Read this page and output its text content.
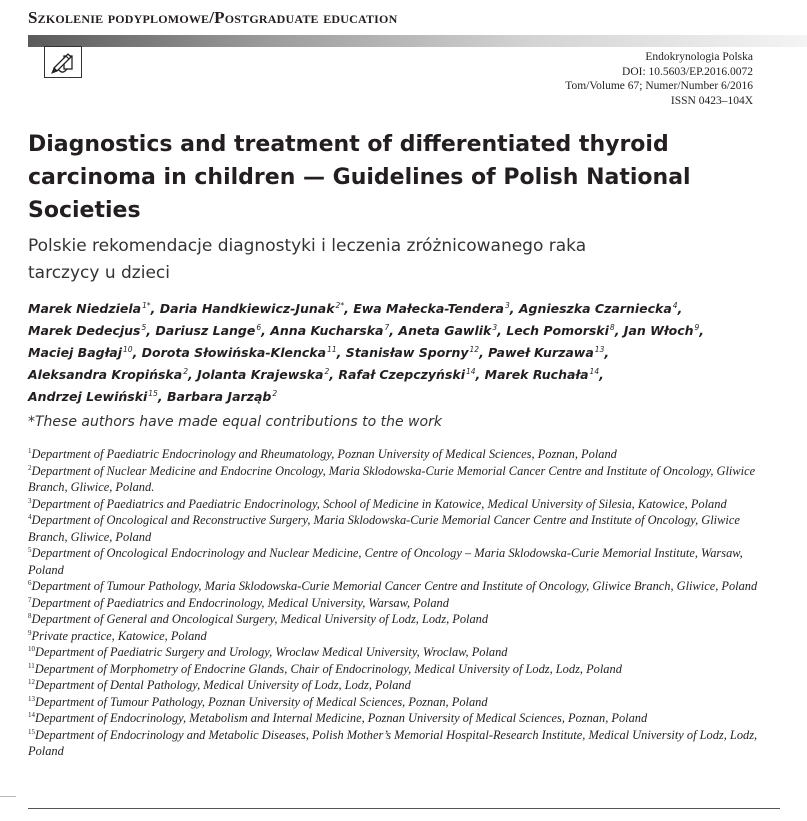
Szkolenie podyplomowe/Postgraduate education
Endokrynologia Polska
DOI: 10.5603/EP.2016.0072
Tom/Volume 67; Numer/Number 6/2016
ISSN 0423–104X
Diagnostics and treatment of differentiated thyroid carcinoma in children — Guidelines of Polish National Societies

Polskie rekomendacje diagnostyki i leczenia zróżnicowanego raka tarczycy u dzieci

Marek Niedziela$^{1*}$, Daria Handkiewicz-Junak$^{2*}$, Ewa Małecka-Tendera$^3$, Agnieszka Czarniecka$^4$,
Marek Dedecjus$^5$, Dariusz Lange$^6$, Anna Kucharska$^7$, Aneta Gawlik$^3$, Lech Pomorski$^8$, Jan Włoch$^9$,
Maciej Bagłaj$^{10}$, Dorota Słowińska-Klencka$^{11}$, Stanisław Sporny$^{12}$, Paweł Kurzawa$^{13}$,
Aleksandra Kropińska$^2$, Jolanta Krajewska$^2$, Rafał Czepczyński$^{14}$, Marek Ruchała$^{14}$,
Andrzej Lewiński$^{15}$, Barbara Jarząb$^2$
*These authors have made equal contributions to the work
$^1$Department of Paediatric Endocrinology and Rheumatology, Poznan University of Medical Sciences, Poznan, Poland
$^2$Department of Nuclear Medicine and Endocrine Oncology, Maria Sklodowska-Curie Memorial Cancer Centre and Institute of Oncology, Gliwice Branch, Gliwice, Poland.
$^3$Department of Paediatrics and Paediatric Endocrinology, School of Medicine in Katowice, Medical University of Silesia, Katowice, Poland
$^4$Department of Oncological and Reconstructive Surgery, Maria Sklodowska-Curie Memorial Cancer Centre and Institute of Oncology, Gliwice Branch, Gliwice, Poland
$^5$Department of Oncological Endocrinology and Nuclear Medicine, Centre of Oncology – Maria Sklodowska-Curie Memorial Institute, Warsaw, Poland
$^6$Department of Tumour Pathology, Maria Sklodowska-Curie Memorial Cancer Centre and Institute of Oncology, Gliwice Branch, Gliwice, Poland
$^7$Department of Paediatrics and Endocrinology, Medical University, Warsaw, Poland
$^8$Department of General and Oncological Surgery, Medical University of Lodz, Lodz, Poland
$^9$Private practice, Katowice, Poland
$^{10}$Department of Paediatric Surgery and Urology, Wroclaw Medical University, Wroclaw, Poland
$^{11}$Department of Morphometry of Endocrine Glands, Chair of Endocrinology, Medical University of Lodz, Lodz, Poland
$^{12}$Department of Dental Pathology, Medical University of Lodz, Lodz, Poland
$^{13}$Department of Tumour Pathology, Poznan University of Medical Sciences, Poznan, Poland
$^{14}$Department of Endocrinology, Metabolism and Internal Medicine, Poznan University of Medical Sciences, Poznan, Poland
$^{15}$Department of Endocrinology and Metabolic Diseases, Polish Mother’s Memorial Hospital-Research Institute, Medical University of Lodz, Lodz, Poland
